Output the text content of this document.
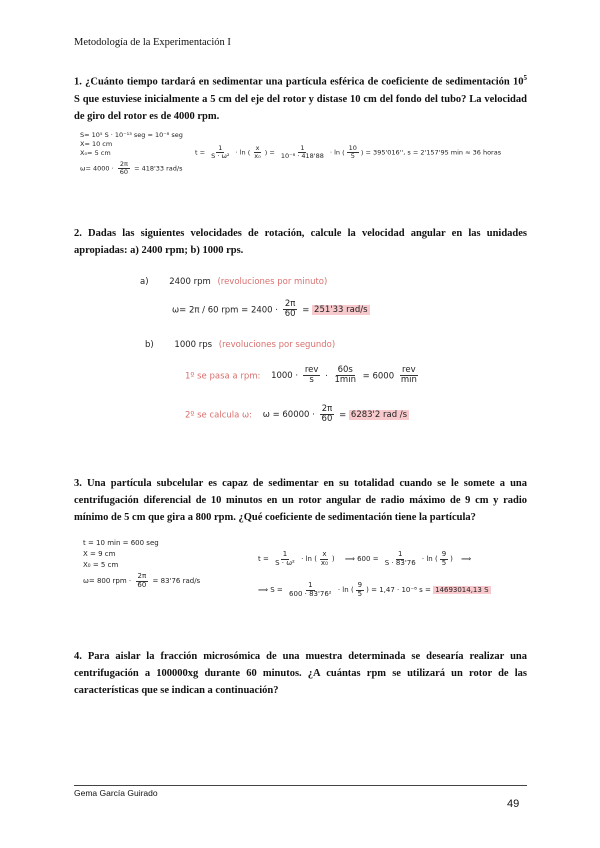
Metodología de la Experimentación I
1. ¿Cuánto tiempo tardará en sedimentar una partícula esférica de coeficiente de sedimentación $10^5$ S que estuviese inicialmente a 5 cm del eje del rotor y distase 10 cm del fondo del tubo? La velocidad de giro del rotor es de 4000 rpm.
S= 10⁵ S · 10⁻¹³ seg = 10⁻⁸ seg
X= 10 cm
X₀= 5 cm
$\omega= 4000 \cdot \frac{2\pi}{60} = 418'33$ rad/s
$t = \frac{1}{\text{S · ω²}} \cdot \ln$ ( $\frac{x}{\text{x₀}}$ ) = $\frac{1}{\text{10⁻⁸ · 418'88}} \cdot \ln$ ( $\frac{10}{5}$ ) = 395'016'', s = 2'157'95 min ≈ 36 horas
2. Dadas las siguientes velocidades de rotación, calcule la velocidad angular en las unidades apropiadas: a) 2400 rpm; b) 1000 rps.
a) 2400 rpm (revoluciones por minuto)
ω= 2π / 60 rpm = $2400 \cdot \frac{2\pi}{60} = 251'33$ rad/s
b) 1000 rps (revoluciones por segundo)
1º se pasa a rpm: $1000 \cdot \frac{\text{rev}}{s} \cdot \frac{60s}{1\min} = 6000 \frac{\text{rev}}{\min}$
2º se calcula ω: $\omega = 60000 \cdot \frac{2\pi}{60} = 6283'2$ rad /s
3. Una partícula subcelular es capaz de sedimentar en su totalidad cuando se le somete a una centrifugación diferencial de 10 minutos en un rotor angular de radio máximo de 9 cm y radio mínimo de 5 cm que gira a 800 rpm. ¿Qué coeficiente de sedimentación tiene la partícula?
t = 10 min = 600 seg
X = 9 cm
X₀ = 5 cm
ω= 800 rpm · $\frac{2\pi}{60} = 83'76$ rad/s
$t = \frac{1}{\text{S · ω²}} \cdot \ln$ ( $\frac{x}{\text{x₀}}$ ) ⟹ $600 = \frac{1}{S \cdot 83'76} \cdot \ln$ ( $\frac{9}{5}$ ) ⟹
⟹ $S = \frac{1}{\text{600 · 83'76²}} \cdot \ln$ ( $\frac{9}{5}$ ) = 1,47 · 10⁻⁸ s = 14693014,13 S
4. Para aislar la fracción microsómica de una muestra determinada se desearía realizar una centrifugación a 100000xg durante 60 minutos. ¿A cuántas rpm se utilizará un rotor de las características que se indican a continuación?
Gema García Guirado
49
